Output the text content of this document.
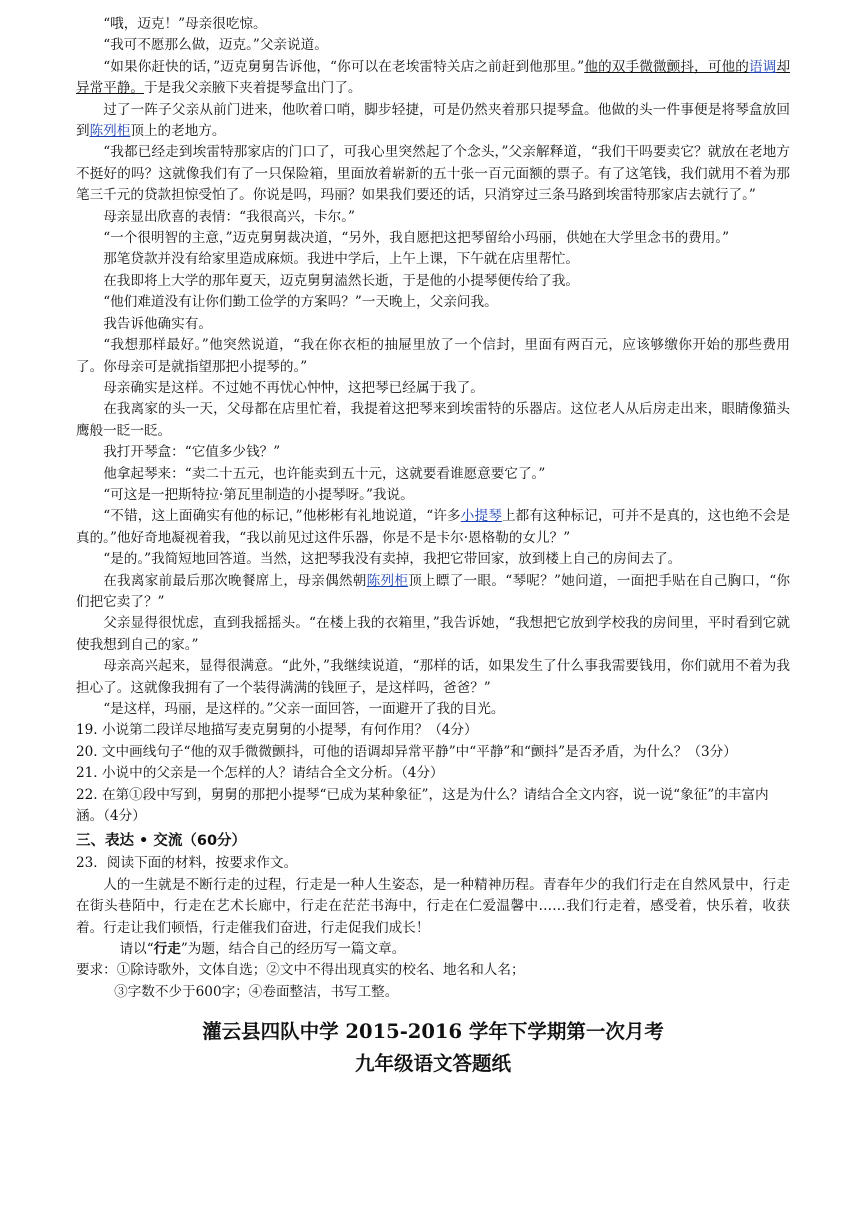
“哦，迈克！”母亲很吃惊。

“我可不愿那么做，迈克。”父亲说道。

“如果你赶快的话，”迈克舅舅告诉他，“你可以在老埃雷特关店之前赶到他那里。”他的双手微微颤抖，可他的语调却异常平静。于是我父亲腋下夹着提琴盒出门了。

过了一阵子父亲从前门进来，他吹着口哨，脚步轻捷，可是仍然夹着那只提琴盒。他做的头一件事便是将琴盒放回到陈列柜顶上的老地方。

“我都已经走到埃雷特那家店的门口了，可我心里突然起了个念头，”父亲解释道，“我们干吗要卖它？就放在老地方不挺好的吗？这就像我们有了一只保险箱，里面放着崭新的五十张一百元面额的票子。有了这笔钱，我们就用不着为那笔三千元的贷款担惊受怕了。你说是吗，玛丽？如果我们要还的话，只消穿过三条马路到埃雷特那家店去就行了。”

母亲显出欣喜的表情：“我很高兴，卡尔。”

“一个很明智的主意，”迈克舅舅裁决道，“另外，我自愿把这把琴留给小玛丽，供她在大学里念书的费用。”

那笔贷款并没有给家里造成麻烦。我进中学后，上午上课，下午就在店里帮忙。

在我即将上大学的那年夏天，迈克舅舅溘然长逝，于是他的小提琴便传给了我。

“他们难道没有让你们勤工俭学的方案吗？”一天晚上，父亲问我。

我告诉他确实有。

“我想那样最好。”他突然说道，“我在你衣柜的抽屉里放了一个信封，里面有两百元，应该够缴你开始的那些费用了。你母亲可是就指望那把小提琴的。”

母亲确实是这样。不过她不再忧心忡忡，这把琴已经属于我了。

在我离家的头一天，父母都在店里忙着，我提着这把琴来到埃雷特的乐器店。这位老人从后房走出来，眼睛像猫头鹰般一眨一眨。

我打开琴盒：“它值多少钱？”

他拿起琴来：“卖二十五元，也许能卖到五十元，这就要看谁愿意要它了。”

“可这是一把斯特拉·第瓦里制造的小提琴呀。”我说。

“不错，这上面确实有他的标记，”他彬彬有礼地说道，“许多小提琴上都有这种标记，可并不是真的，这也绝不会是真的。”他好奇地凝视着我，“我以前见过这件乐器，你是不是卡尔·恩格勒的女儿？”

“是的。”我简短地回答道。当然，这把琴我没有卖掉，我把它带回家，放到楼上自己的房间去了。

在我离家前最后那次晚餐席上，母亲偶然朝陈列柜顶上瞟了一眼。“琴呢？”她问道，一面把手贴在自己胸口，“你们把它卖了？”

父亲显得很忧虑，直到我摇摇头。“在楼上我的衣箱里，”我告诉她，“我想把它放到学校我的房间里，平时看到它就使我想到自己的家。”

母亲高兴起来，显得很满意。“此外，”我继续说道，“那样的话，如果发生了什么事我需要钱用，你们就用不着为我担心了。这就像我拥有了一个装得满满的钱匣子，是这样吗，爸爸？”

“是这样，玛丽，是这样的。”父亲一面回答，一面避开了我的目光。

19. 小说第二段详尽地描写麦克舅舅的小提琴，有何作用？（4分）

20. 文中画线句子“他的双手微微颤抖，可他的语调却异常平静”中“平静”和“颤抖”是否矛盾，为什么？（3分）

21. 小说中的父亲是一个怎样的人？请结合全文分析。（4分）

22. 在第①段中写到，舅舅的那把小提琴“已成为某种象征”，这是为什么？请结合全文内容，说一说“象征”的丰富内涵。（4分）

三、表达 • 交流（60分）

23．阅读下面的材料，按要求作文。

人的一生就是不断行走的过程，行走是一种人生姿态，是一种精神历程。青春年少的我们行走在自然风景中，行走在街头巷陌中，行走在艺术长廊中，行走在茫茫书海中，行走在仁爱温馨中……我们行走着，感受着，快乐着，收获着。行走让我们顿悟，行走催我们奋进，行走促我们成长！

请以“行走”为题，结合自己的经历写一篇文章。

要求：①除诗歌外，文体自选；②文中不得出现真实的校名、地名和人名；

③字数不少于600字；④卷面整洁，书写工整。

灌云县四队中学 2015-2016 学年下学期第一次月考
九年级语文答题纸
